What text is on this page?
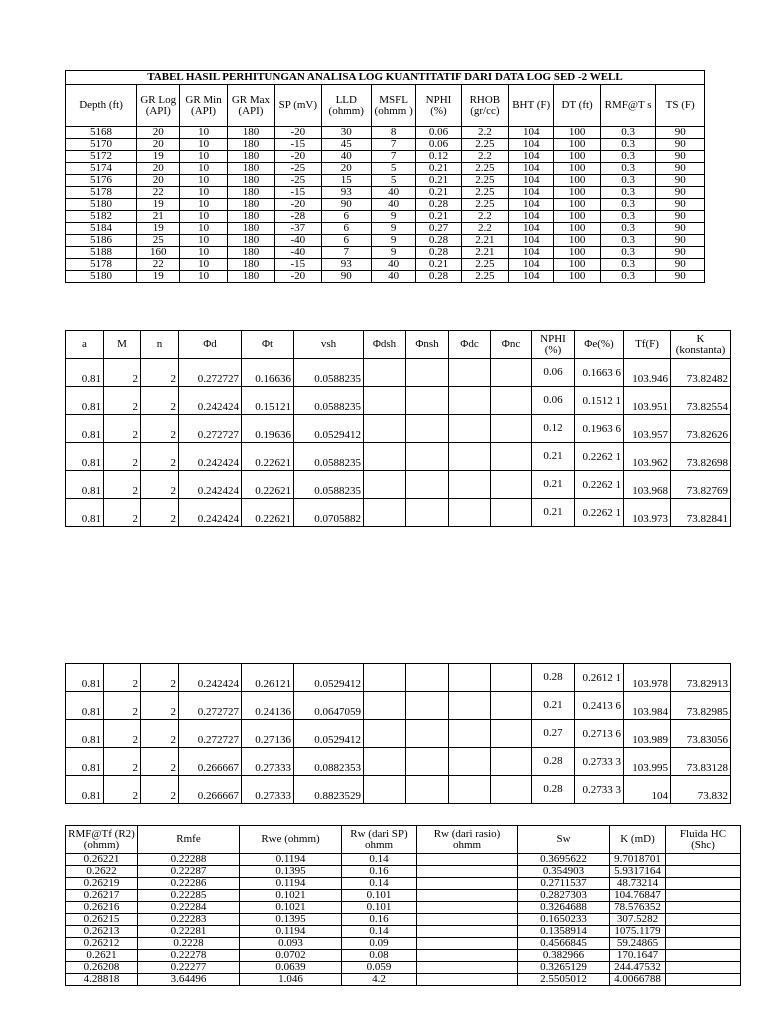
TABEL HASIL PERHITUNGAN ANALISA LOG KUANTITATIF DARI DATA LOG SED -2 WELL												
Depth (ft)	GR Log (API)	GR Min (API)	GR Max (API)	SP (mV)	LLD (ohmm)	MSFL (ohmm )	NPHI (%)	RHOB (gr/cc)	BHT (F)	DT (ft)	RMF@T s	TS (F)
5168	20	10	180	-20	30	8	0.06	2.2	104	100	0.3	90
5170	20	10	180	-15	45	7	0.06	2.25	104	100	0.3	90
5172	19	10	180	-20	40	7	0.12	2.2	104	100	0.3	90
5174	20	10	180	-25	20	5	0.21	2.25	104	100	0.3	90
5176	20	10	180	-25	15	5	0.21	2.25	104	100	0.3	90
5178	22	10	180	-15	93	40	0.21	2.25	104	100	0.3	90
5180	19	10	180	-20	90	40	0.28	2.25	104	100	0.3	90
5182	21	10	180	-28	6	9	0.21	2.2	104	100	0.3	90
5184	19	10	180	-37	6	9	0.27	2.2	104	100	0.3	90
5186	25	10	180	-40	6	9	0.28	2.21	104	100	0.3	90
5188	160	10	180	-40	7	9	0.28	2.21	104	100	0.3	90
5178	22	10	180	-15	93	40	0.21	2.25	104	100	0.3	90
5180	19	10	180	-20	90	40	0.28	2.25	104	100	0.3	90
a	M	n	Φd	Φt	vsh	Φdsh	Φnsh	Φdc	Φnc	NPHI (%)	Φe(%)	Tf(F)	K (konstanta)
0.81	2	2	0.272727	0.16636	0.0588235					0.06	0.1663 6	103.946	73.82482
0.81	2	2	0.242424	0.15121	0.0588235					0.06	0.1512 1	103.951	73.82554
0.81	2	2	0.272727	0.19636	0.0529412					0.12	0.1963 6	103.957	73.82626
0.81	2	2	0.242424	0.22621	0.0588235					0.21	0.2262 1	103.962	73.82698
0.81	2	2	0.242424	0.22621	0.0588235					0.21	0.2262 1	103.968	73.82769
0.81	2	2	0.242424	0.22621	0.0705882					0.21	0.2262 1	103.973	73.82841
0.81	2	2	0.242424	0.26121	0.0529412					0.28	0.2612 1	103.978	73.82913
0.81	2	2	0.272727	0.24136	0.0647059					0.21	0.2413 6	103.984	73.82985
0.81	2	2	0.272727	0.27136	0.0529412					0.27	0.2713 6	103.989	73.83056
0.81	2	2	0.266667	0.27333	0.0882353					0.28	0.2733 3	103.995	73.83128
0.81	2	2	0.266667	0.27333	0.8823529					0.28	0.2733 3	104	73.832
RMF@Tf (R2)(ohmm)	Rmfe	Rwe (ohmm)	Rw (dari SP) ohmm	Rw (dari rasio) ohmm	Sw	K (mD)	Fluida HC (Shc)
0.26221	0.22288	0.1194	0.14		0.3695622	9.7018701	
0.2622	0.22287	0.1395	0.16		0.354903	5.9317164	
0.26219	0.22286	0.1194	0.14		0.2711537	48.73214	
0.26217	0.22285	0.1021	0.101		0.2827303	104.76847	
0.26216	0.22284	0.1021	0.101		0.3264688	78.576352	
0.26215	0.22283	0.1395	0.16		0.1650233	307.5282	
0.26213	0.22281	0.1194	0.14		0.1358914	1075.1179	
0.26212	0.2228	0.093	0.09		0.4566845	59.24865	
0.2621	0.22278	0.0702	0.08		0.382966	170.1647	
0.26208	0.22277	0.0639	0.059		0.3265129	244.47532	
4.28818	3.64496	1.046	4.2		2.5505012	4.0066788	
